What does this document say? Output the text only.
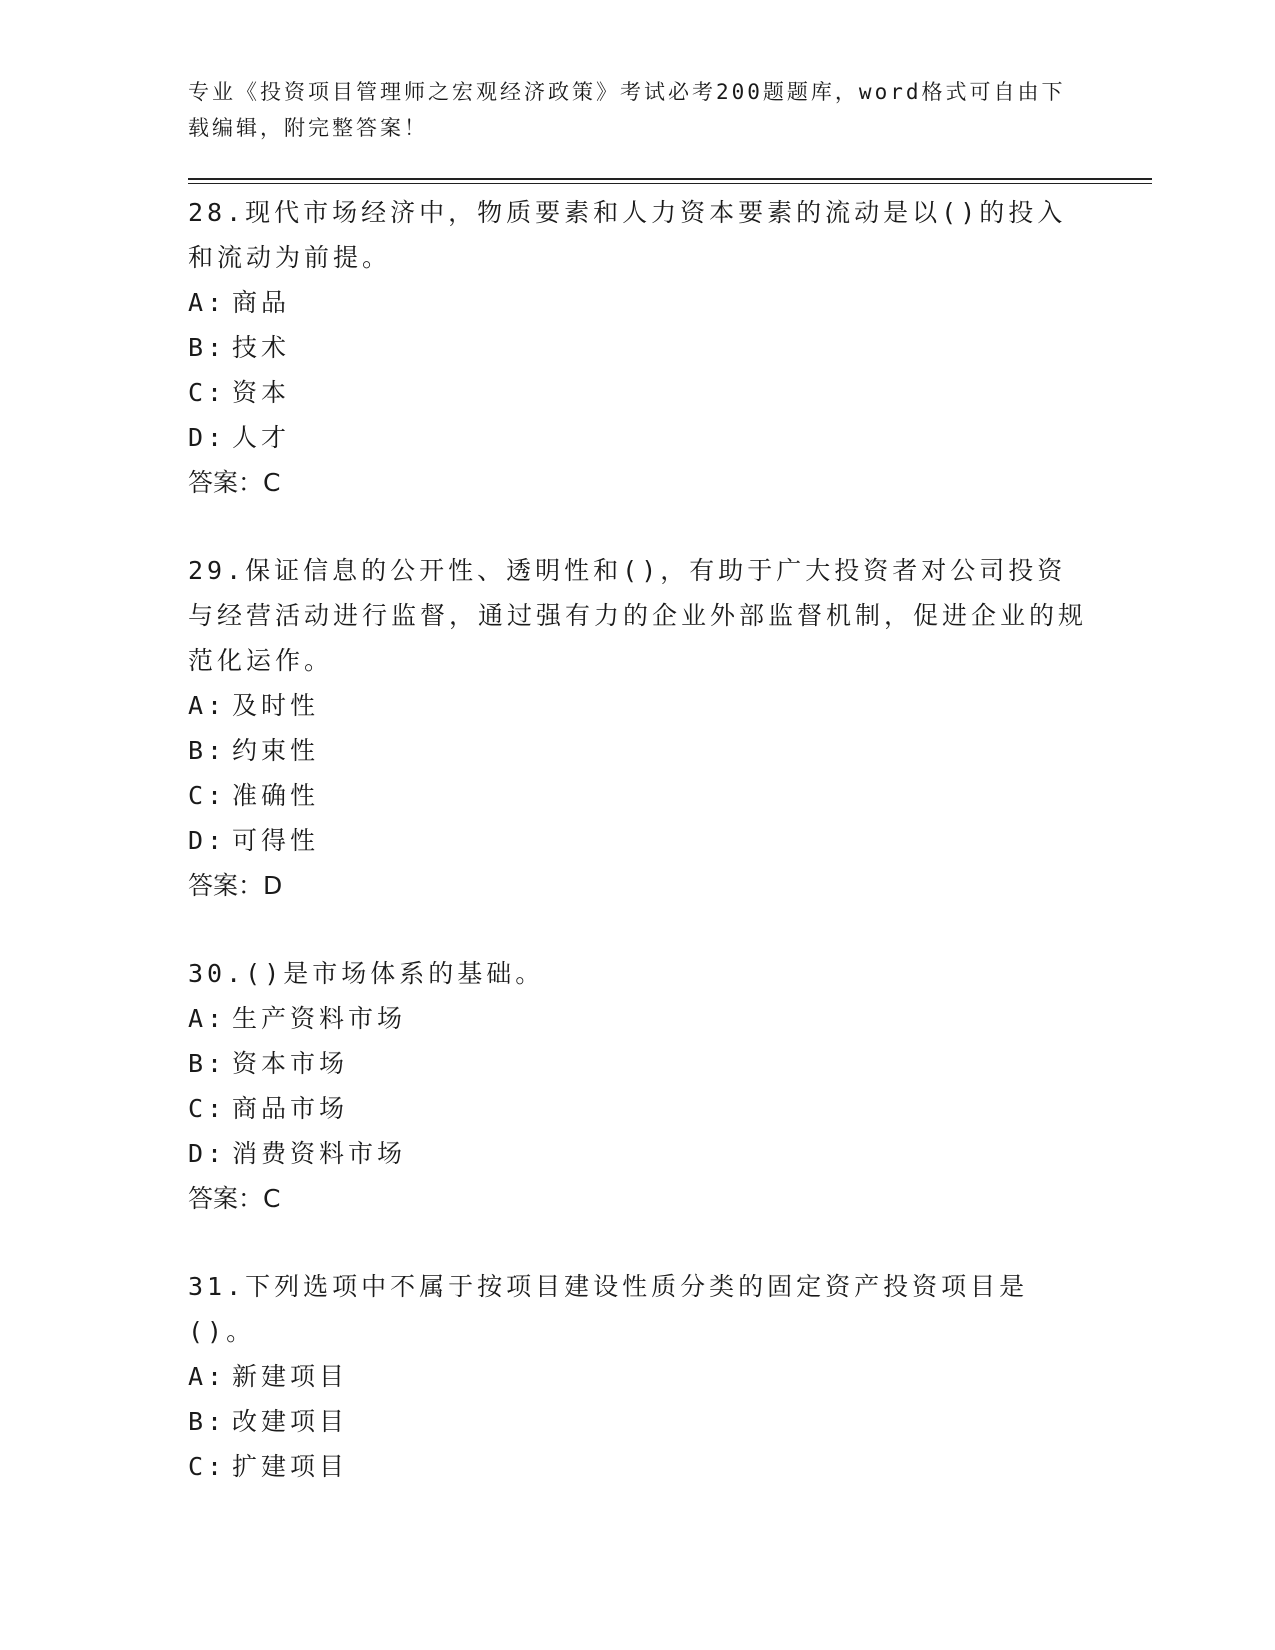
专业《投资项目管理师之宏观经济政策》考试必考200题题库，word格式可自由下载编辑，附完整答案！

28.现代市场经济中，物质要素和人力资本要素的流动是以()的投入和流动为前提。

A: 商品

B: 技术

C: 资本

D: 人才

答案：C

29.保证信息的公开性、透明性和()，有助于广大投资者对公司投资与经营活动进行监督，通过强有力的企业外部监督机制，促进企业的规范化运作。

A: 及时性

B: 约束性

C: 准确性

D: 可得性

答案：D

30.()是市场体系的基础。

A: 生产资料市场

B: 资本市场

C: 商品市场

D: 消费资料市场

答案：C

31.下列选项中不属于按项目建设性质分类的固定资产投资项目是()。

A: 新建项目

B: 改建项目

C: 扩建项目
